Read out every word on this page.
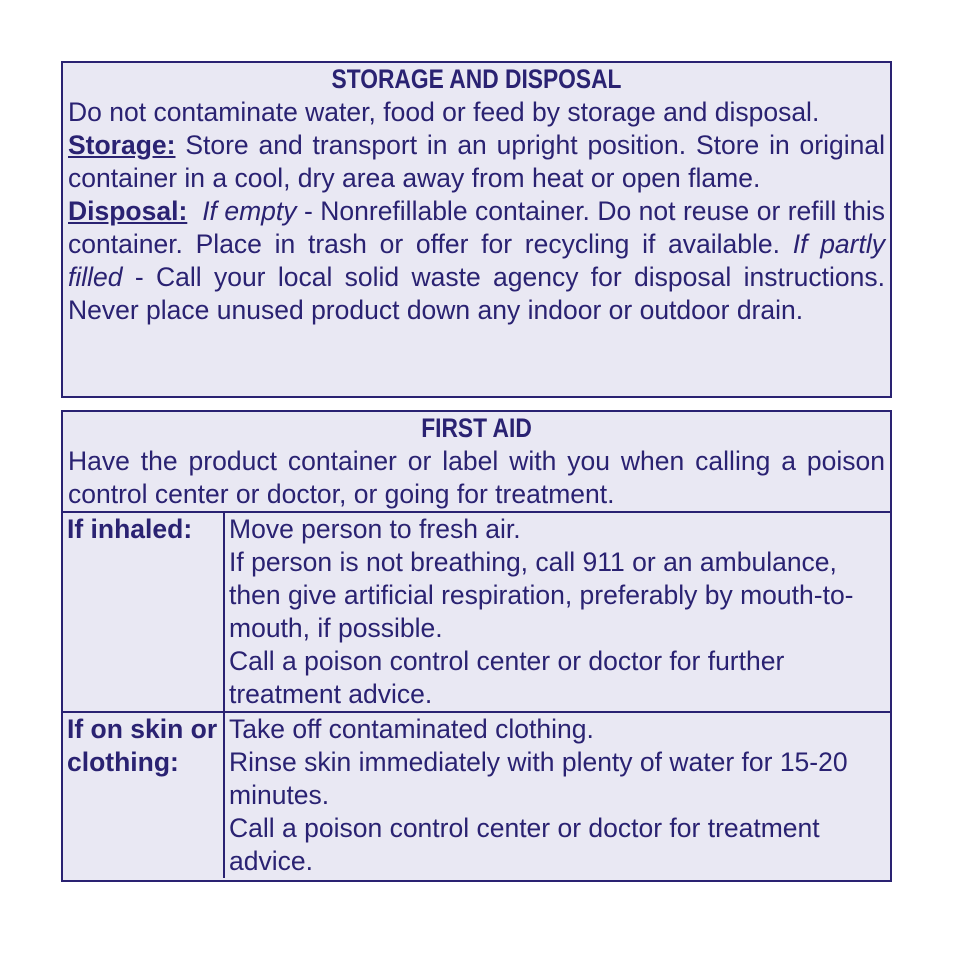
STORAGE AND DISPOSAL
Do not contaminate water, food or feed by storage and disposal.
Storage: Store and transport in an upright position. Store in original container in a cool, dry area away from heat or open flame.
Disposal: If empty - Nonrefillable container. Do not reuse or refill this container. Place in trash or offer for recycling if available. If partly filled - Call your local solid waste agency for disposal instructions. Never place unused product down any indoor or outdoor drain.
FIRST AID
Have the product container or label with you when calling a poison control center or doctor, or going for treatment.
If inhaled:	Move person to fresh air.
If person is not breathing, call 911 or an ambulance, then give artificial respiration, preferably by mouth-to-mouth, if possible.
Call a poison control center or doctor for further treatment advice.

If on skin or clothing:	Take off contaminated clothing.
Rinse skin immediately with plenty of water for 15-20 minutes.
Call a poison control center or doctor for treatment advice.
